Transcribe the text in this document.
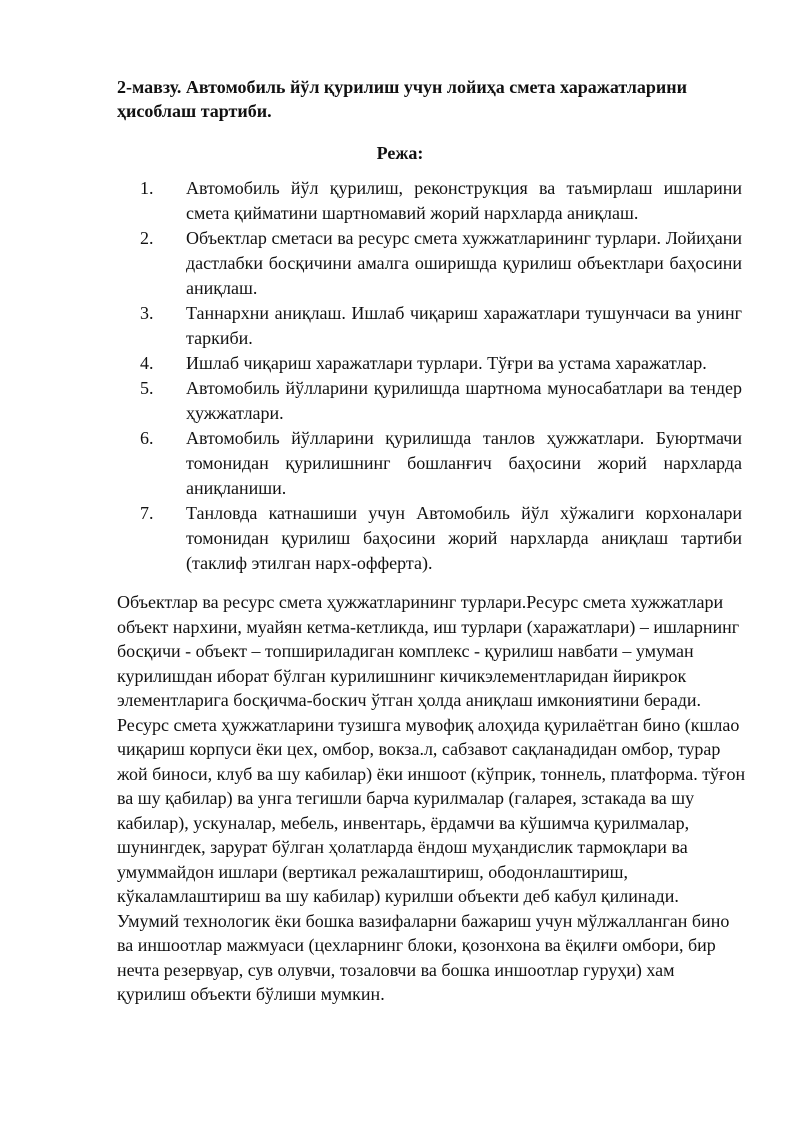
2-мавзу. Автомобиль йўл қурилиш учун лойиҳа смета харажатларини ҳисоблаш тартиби.
Режа:
1.	Автомобиль йўл қурилиш, реконструкция ва таъмирлаш ишларини смета қийматини шартномавий жорий нархларда аниқлаш.
2.	Объектлар сметаси ва ресурс смета хужжатларининг турлари. Лойиҳани дастлабки босқичини амалга оширишда қурилиш объектлари баҳосини аниқлаш.
3.	Таннархни аниқлаш. Ишлаб чиқариш харажатлари тушунчаси ва унинг таркиби.
4.	Ишлаб чиқариш харажатлари турлари. Тўғри ва устама харажатлар.
5.	Автомобиль йўлларини қурилишда шартнома муносабатлари ва тендер ҳужжатлари.
6.	Автомобиль йўлларини қурилишда танлов ҳужжатлари. Буюртмачи томонидан қурилишнинг бошланғич баҳосини жорий нархларда аниқланиши.
7.	Танловда катнашиши учун Автомобиль йўл хўжалиги корхоналари томонидан қурилиш баҳосини жорий нархларда аниқлаш тартиби (таклиф этилган нарх-офферта).

Объектлар ва ресурс смета ҳужжатларининг турлари.Ресурс смета хужжатлари объект нархини, муайян кетма-кетликда, иш турлари (харажатлари) – ишларнинг босқичи - объект – топшириладиган комплекс - қурилиш навбати – умуман курилишдан иборат бўлган курилишнинг кичикэлементларидан йирикрок элементларига босқичма-боскич ўтган ҳолда аниқлаш имкониятини беради. Ресурс смета ҳужжатларини тузишга мувофиқ алоҳида қурилаётган бино (кшлао чиқариш корпуси ёки цех, омбор, вокза.л, сабзавот сақланадидан омбор, турар жой биноси, клуб ва шу кабилар) ёки иншоот (кўприк, тоннель, платформа. тўғон ва шу қабилар) ва унга тегишли барча курилмалар (галарея, зстакада ва шу кабилар), ускуналар, мебель, инвентарь, ёрдамчи ва кўшимча қурилмалар, шунингдек, зарурат бўлган ҳолатларда ёндош муҳандислик тармоқлари ва умуммайдон ишлари (вертикал режалаштириш, ободонлаштириш, кўкаламлаштириш ва шу кабилар) курилши объекти деб кабул қилинади.

Умумий технологик ёки бошка вазифаларни бажариш учун мўлжалланган бино ва иншоотлар мажмуаси (цехларнинг блоки, қозонхона ва ёқилғи омбори, бир нечта резервуар, сув олувчи, тозаловчи ва бошка иншоотлар гуруҳи) хам қурилиш объекти бўлиши мумкин.
